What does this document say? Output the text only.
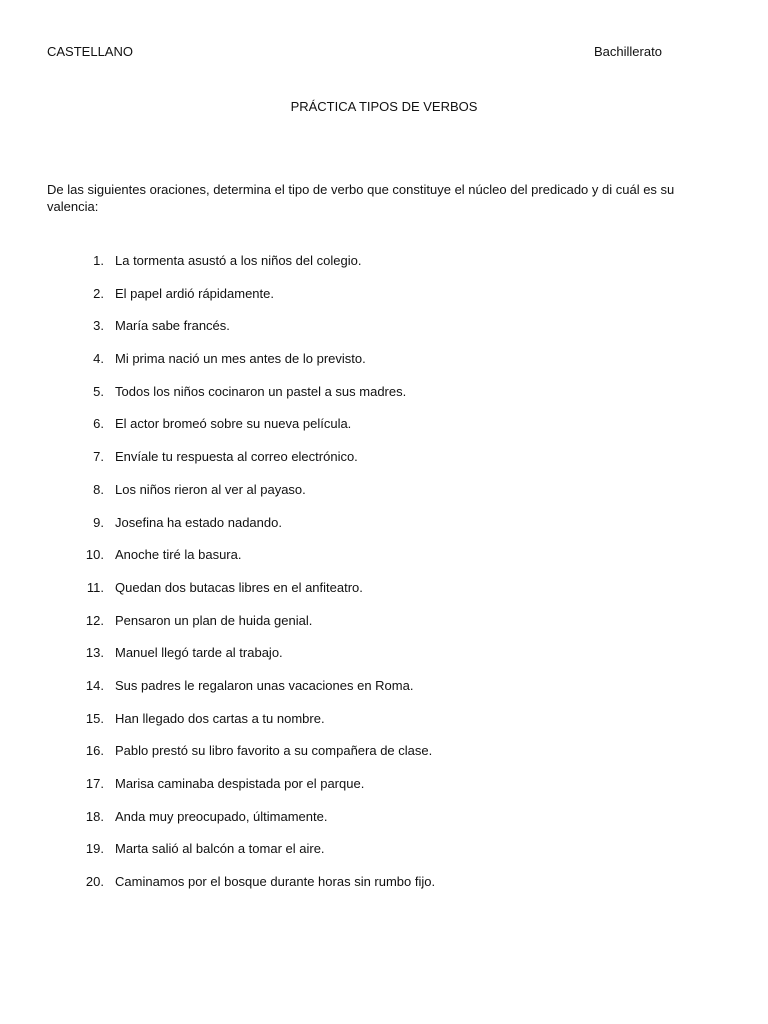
CASTELLANO	Bachillerato
PRÁCTICA TIPOS DE VERBOS
De las siguientes oraciones, determina el tipo de verbo que constituye el núcleo del predicado y di cuál es su valencia:
1. La tormenta asustó a los niños del colegio.
2. El papel ardió rápidamente.
3. María sabe francés.
4. Mi prima nació un mes antes de lo previsto.
5. Todos los niños cocinaron un pastel a sus madres.
6. El actor bromeó sobre su nueva película.
7. Envíale tu respuesta al correo electrónico.
8. Los niños rieron al ver al payaso.
9. Josefina ha estado nadando.
10. Anoche tiré la basura.
11. Quedan dos butacas libres en el anfiteatro.
12. Pensaron un plan de huida genial.
13. Manuel llegó tarde al trabajo.
14. Sus padres le regalaron unas vacaciones en Roma.
15. Han llegado dos cartas a tu nombre.
16. Pablo prestó su libro favorito a su compañera de clase.
17. Marisa caminaba despistada por el parque.
18. Anda muy preocupado, últimamente.
19. Marta salió al balcón a tomar el aire.
20. Caminamos por el bosque durante horas sin rumbo fijo.
